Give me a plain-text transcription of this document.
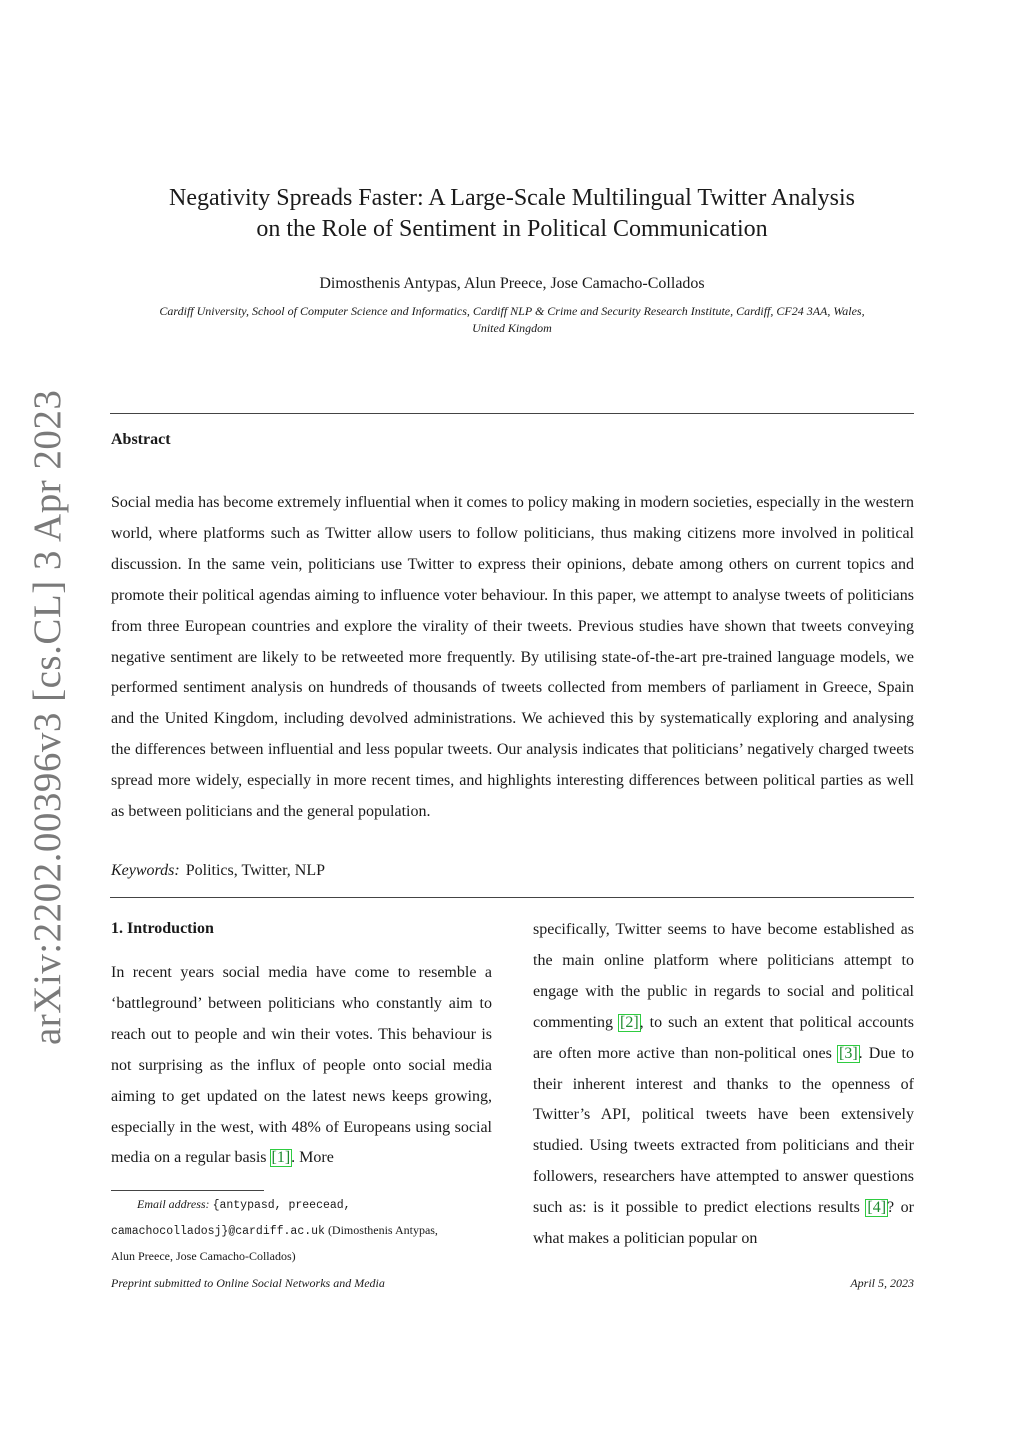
arXiv:2202.00396v3 [cs.CL] 3 Apr 2023
Negativity Spreads Faster: A Large-Scale Multilingual Twitter Analysis
on the Role of Sentiment in Political Communication
Dimosthenis Antypas, Alun Preece, Jose Camacho-Collados
Cardiff University, School of Computer Science and Informatics, Cardiff NLP & Crime and Security Research Institute, Cardiff, CF24 3AA, Wales,
United Kingdom
Abstract

Social media has become extremely influential when it comes to policy making in modern societies, especially in the western world, where platforms such as Twitter allow users to follow politicians, thus making citizens more involved in political discussion. In the same vein, politicians use Twitter to express their opinions, debate among others on current topics and promote their political agendas aiming to influence voter behaviour. In this paper, we attempt to analyse tweets of politicians from three European countries and explore the virality of their tweets. Previous studies have shown that tweets conveying negative sentiment are likely to be retweeted more frequently. By utilising state-of-the-art pre-trained language models, we performed sentiment analysis on hundreds of thousands of tweets collected from members of parliament in Greece, Spain and the United Kingdom, including devolved administrations. We achieved this by systematically exploring and analysing the differences between influential and less popular tweets. Our analysis indicates that politicians’ negatively charged tweets spread more widely, especially in more recent times, and highlights interesting differences between political parties as well as between politicians and the general population.

Keywords: Politics, Twitter, NLP
1. Introduction

In recent years social media have come to resemble a ‘battleground’ between politicians who constantly aim to reach out to people and win their votes. This behaviour is not surprising as the influx of people onto social media aiming to get updated on the latest news keeps growing, especially in the west, with 48% of Europeans using social media on a regular basis [1]. More

specifically, Twitter seems to have become established as the main online platform where politicians attempt to engage with the public in regards to social and political commenting [2], to such an extent that political accounts are often more active than non-political ones [3]. Due to their inherent interest and thanks to the openness of Twitter’s API, political tweets have been extensively studied. Using tweets extracted from politicians and their followers, researchers have attempted to answer questions such as: is it possible to predict elections results [4]? or what makes a politician popular on

Email address: {antypasd, preecead,
camachocolladosj}@cardiff.ac.uk (Dimosthenis Antypas,
Alun Preece, Jose Camacho-Collados)

Preprint submitted to Online Social Networks and Media	April 5, 2023
